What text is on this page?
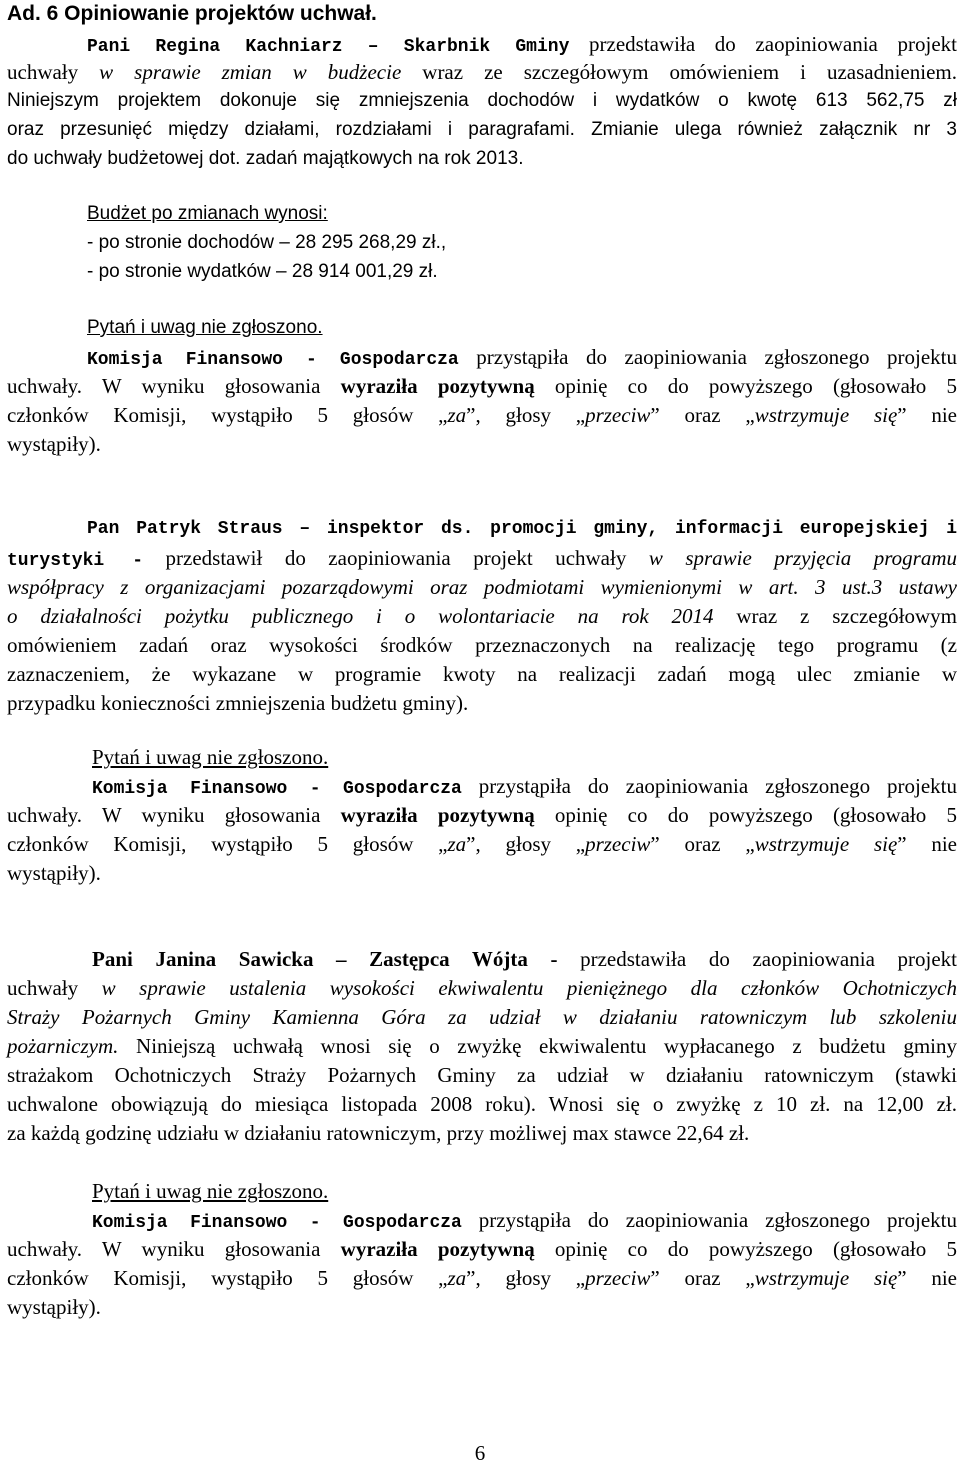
Ad. 6 Opiniowanie projektów uchwał.

Pani Regina Kachniarz – Skarbnik Gminy przedstawiła do zaopiniowania projekt

uchwały w sprawie zmian w budżecie wraz ze szczegółowym omówieniem i uzasadnieniem.

Niniejszym projektem dokonuje się zmniejszenia dochodów i wydatków o kwotę 613 562,75 zł

oraz przesunięć między działami, rozdziałami i paragrafami. Zmianie ulega również załącznik nr 3

do uchwały budżetowej dot. zadań majątkowych na rok 2013.

Budżet po zmianach wynosi:

- po stronie dochodów – 28 295 268,29 zł.,

- po stronie wydatków – 28 914 001,29 zł.

Pytań i uwag nie zgłoszono.

Komisja Finansowo - Gospodarcza przystąpiła do zaopiniowania zgłoszonego projektu

uchwały. W wyniku głosowania wyraziła pozytywną opinię co do powyższego (głosowało 5

członków Komisji, wystąpiło 5 głosów „za”, głosy „przeciw” oraz „wstrzymuje się” nie

wystąpiły).

Pan Patryk Straus – inspektor ds. promocji gminy, informacji europejskiej i

turystyki - przedstawił do zaopiniowania projekt uchwały w sprawie przyjęcia programu

współpracy z organizacjami pozarządowymi oraz podmiotami wymienionymi w art. 3 ust.3 ustawy

o działalności pożytku publicznego i o wolontariacie na rok 2014 wraz z szczegółowym

omówieniem zadań oraz wysokości środków przeznaczonych na realizację tego programu (z

zaznaczeniem, że wykazane w programie kwoty na realizacji zadań mogą ulec zmianie w

przypadku konieczności zmniejszenia budżetu gminy).

Pytań i uwag nie zgłoszono.

Komisja Finansowo - Gospodarcza przystąpiła do zaopiniowania zgłoszonego projektu

uchwały. W wyniku głosowania wyraziła pozytywną opinię co do powyższego (głosowało 5

członków Komisji, wystąpiło 5 głosów „za”, głosy „przeciw” oraz „wstrzymuje się” nie

wystąpiły).

Pani Janina Sawicka – Zastępca Wójta - przedstawiła do zaopiniowania projekt

uchwały w sprawie ustalenia wysokości ekwiwalentu pieniężnego dla członków Ochotniczych

Straży Pożarnych Gminy Kamienna Góra za udział w działaniu ratowniczym lub szkoleniu

pożarniczym. Niniejszą uchwałą wnosi się o zwyżkę ekwiwalentu wypłacanego z budżetu gminy

strażakom Ochotniczych Straży Pożarnych Gminy za udział w działaniu ratowniczym (stawki

uchwalone obowiązują do miesiąca listopada 2008 roku). Wnosi się o zwyżkę z 10 zł. na 12,00 zł.

za każdą godzinę udziału w działaniu ratowniczym, przy możliwej max stawce 22,64 zł.

Pytań i uwag nie zgłoszono.

Komisja Finansowo - Gospodarcza przystąpiła do zaopiniowania zgłoszonego projektu

uchwały. W wyniku głosowania wyraziła pozytywną opinię co do powyższego (głosowało 5

członków Komisji, wystąpiło 5 głosów „za”, głosy „przeciw” oraz „wstrzymuje się” nie

wystąpiły).

6
